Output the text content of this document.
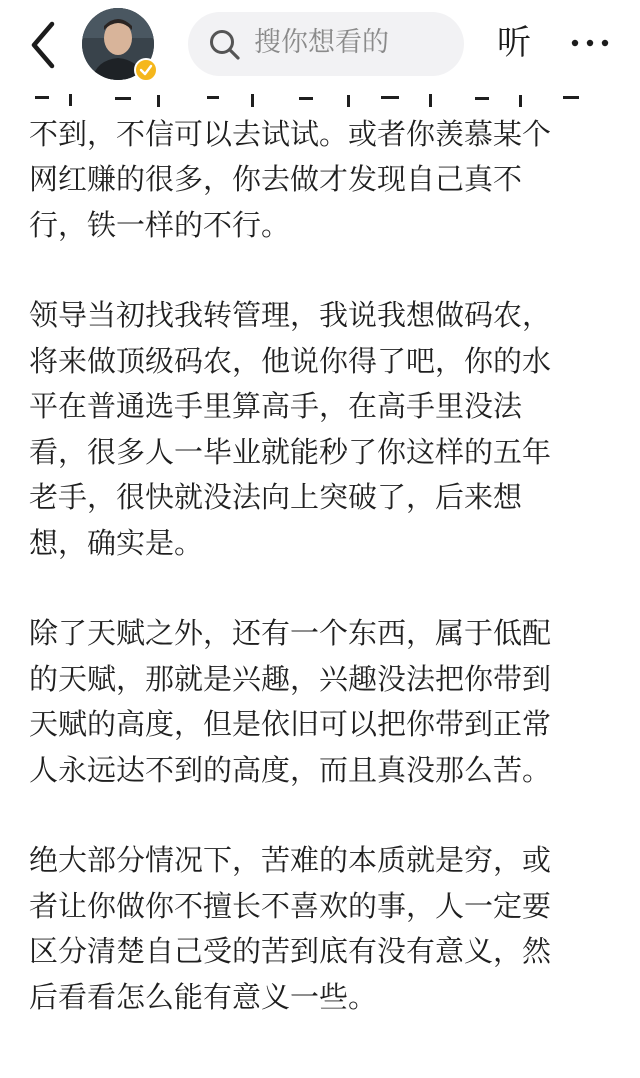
搜你想看的	听
不到，不信可以去试试。或者你羡慕某个
网红赚的很多，你去做才发现自己真不
行，铁一样的不行。
领导当初找我转管理，我说我想做码农，
将来做顶级码农，他说你得了吧，你的水
平在普通选手里算高手，在高手里没法
看，很多人一毕业就能秒了你这样的五年
老手，很快就没法向上突破了，后来想
想，确实是。
除了天赋之外，还有一个东西，属于低配
的天赋，那就是兴趣，兴趣没法把你带到
天赋的高度，但是依旧可以把你带到正常
人永远达不到的高度，而且真没那么苦。
绝大部分情况下，苦难的本质就是穷，或
者让你做你不擅长不喜欢的事，人一定要
区分清楚自己受的苦到底有没有意义，然
后看看怎么能有意义一些。
